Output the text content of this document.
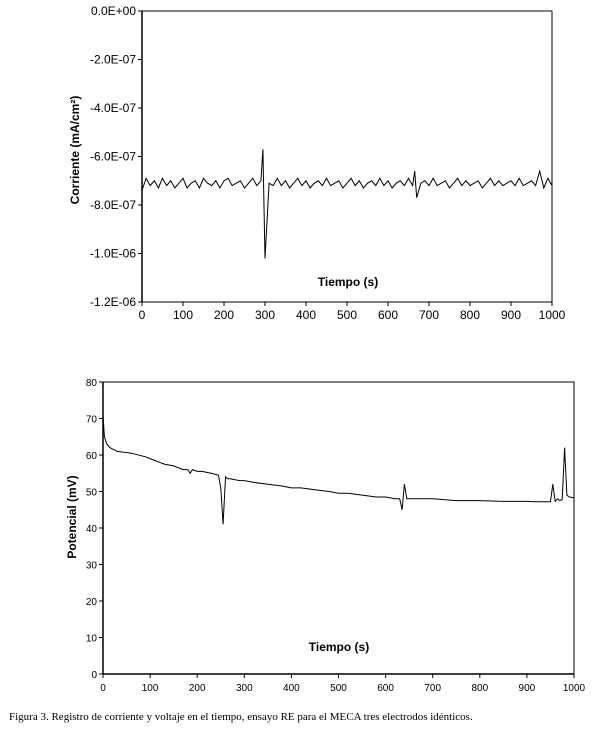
0.0E+00
-2.0E-07
-4.0E-07
-6.0E-07
-8.0E-07
-1.0E-06
-1.2E-06
0 100 200 300 400 500 600 700 800 900 1000
Tiempo (s)
Corriente (mA/cm²)
0
10
20
30
40
50
60
70
80
0	100	200	300	400	500	600	700	800	900	1000
Tiempo (s)
Potencial (mV)
Figura 3. Registro de corriente y voltaje en el tiempo, ensayo RE para el MECA tres electrodos idénticos.
